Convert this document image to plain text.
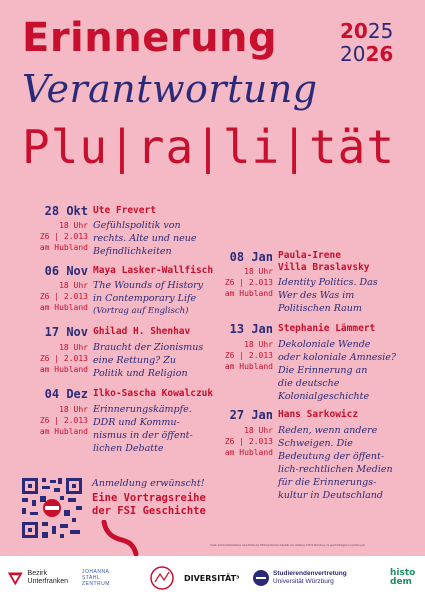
Erinnerung	2025
2026
Verantwortung
Plu|ra|li|tät
28 Okt Ute Frevert
18 Uhr
Z6 | 2.013
am Hubland
Gefühlspolitik von
rechts. Alte und neue
Befindlichkeiten
06 Nov Maya Lasker-Wallfisch
18 Uhr
Z6 | 2.013
am Hubland
The Wounds of History
in Contemporary Life
(Vortrag auf Englisch)
17 Nov Ghilad H. Shenhav
18 Uhr
Z6 | 2.013
am Hubland
Braucht der Zionismus
eine Rettung? Zu
Politik und Religion
04 Dez Ilko-Sascha Kowalczuk
18 Uhr
Z6 | 2.013
am Hubland
Erinnerungskämpfe.
DDR und Kommu-
nismus in der öffent-
lichen Debatte
08 Jan Paula-Irene
Villa Braslavsky
18 Uhr
Z6 | 2.013
am Hubland
Identity Politics. Das
Wer des Was im
Politischen Raum
13 Jan Stephanie Lämmert
18 Uhr
Z6 | 2.013
am Hubland
Dekoloniale Wende
oder koloniale Amnesie?
Die Erinnerung an
die deutsche
Kolonialgeschichte
27 Jan Hans Sarkowicz
18 Uhr
Z6 | 2.013
am Hubland
Reden, wenn andere
Schweigen. Die
Bedeutung der öffent-
lich-rechtlichen Medien
für die Erinnerungs-
kultur in Deutschland
Anmeldung erwünscht!
Eine Vortragsreihe
der FSI Geschichte
Inhalt: Fachschaftsinitiative Geschichte der Philosophischen Fakultät, Am Hubland, 97074 Würzburg, fsi-geschichte@uni-wuerzburg.de
Bezirk
Unterfranken
JOHANNA
STAHL
ZENTRUM
DIVERSITÄT³	Studierendenvertretung
Universität Würzburg
histo
dem
